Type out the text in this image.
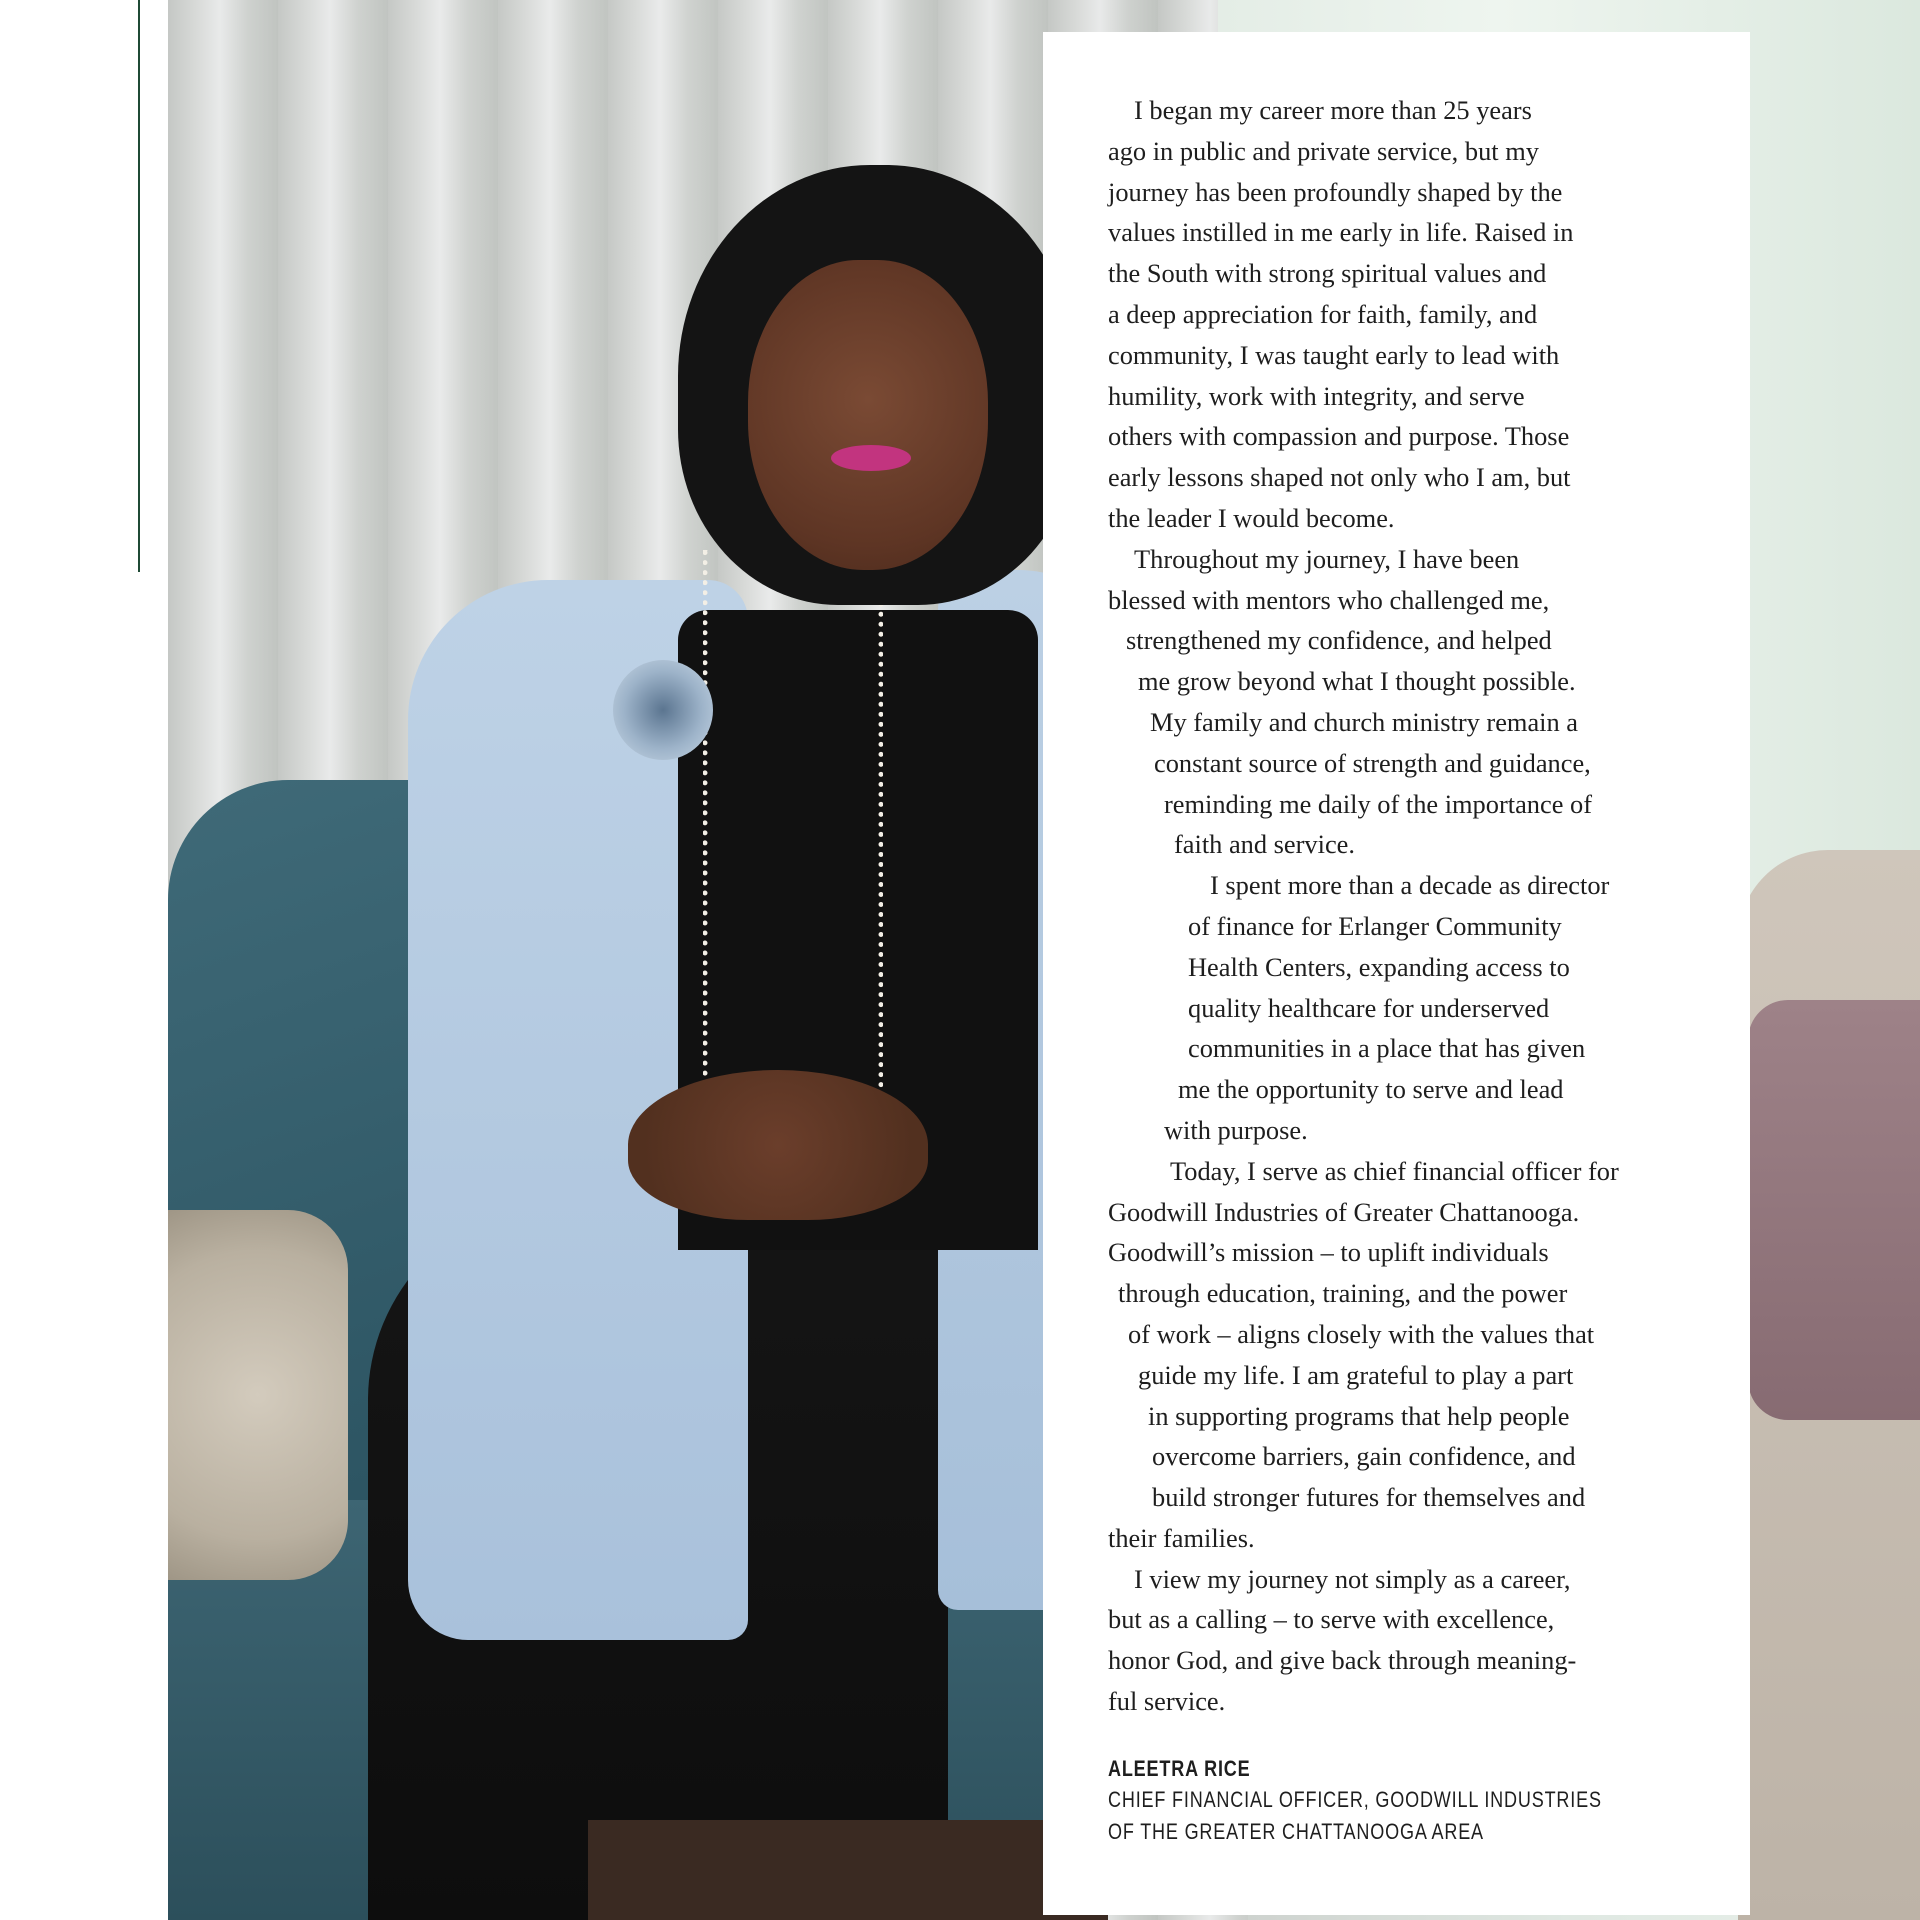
I began my career more than 25 years
ago in public and private service, but my
journey has been profoundly shaped by the
values instilled in me early in life. Raised in
the South with strong spiritual values and
a deep appreciation for faith, family, and
community, I was taught early to lead with
humility, work with integrity, and serve
others with compassion and purpose. Those
early lessons shaped not only who I am, but
the leader I would become.
Throughout my journey, I have been
blessed with mentors who challenged me,
strengthened my confidence, and helped
me grow beyond what I thought possible.
My family and church ministry remain a
constant source of strength and guidance,
reminding me daily of the importance of
faith and service.
I spent more than a decade as director
of finance for Erlanger Community
Health Centers, expanding access to
quality healthcare for underserved
communities in a place that has given
me the opportunity to serve and lead
with purpose.
Today, I serve as chief financial officer for
Goodwill Industries of Greater Chattanooga.
Goodwill’s mission – to uplift individuals
through education, training, and the power
of work – aligns closely with the values that
guide my life. I am grateful to play a part
in supporting programs that help people
overcome barriers, gain confidence, and
build stronger futures for themselves and
their families.
I view my journey not simply as a career,
but as a calling – to serve with excellence,
honor God, and give back through meaning-
ful service.
ALEETRA RICE
CHIEF FINANCIAL OFFICER, GOODWILL INDUSTRIES
OF THE GREATER CHATTANOOGA AREA
